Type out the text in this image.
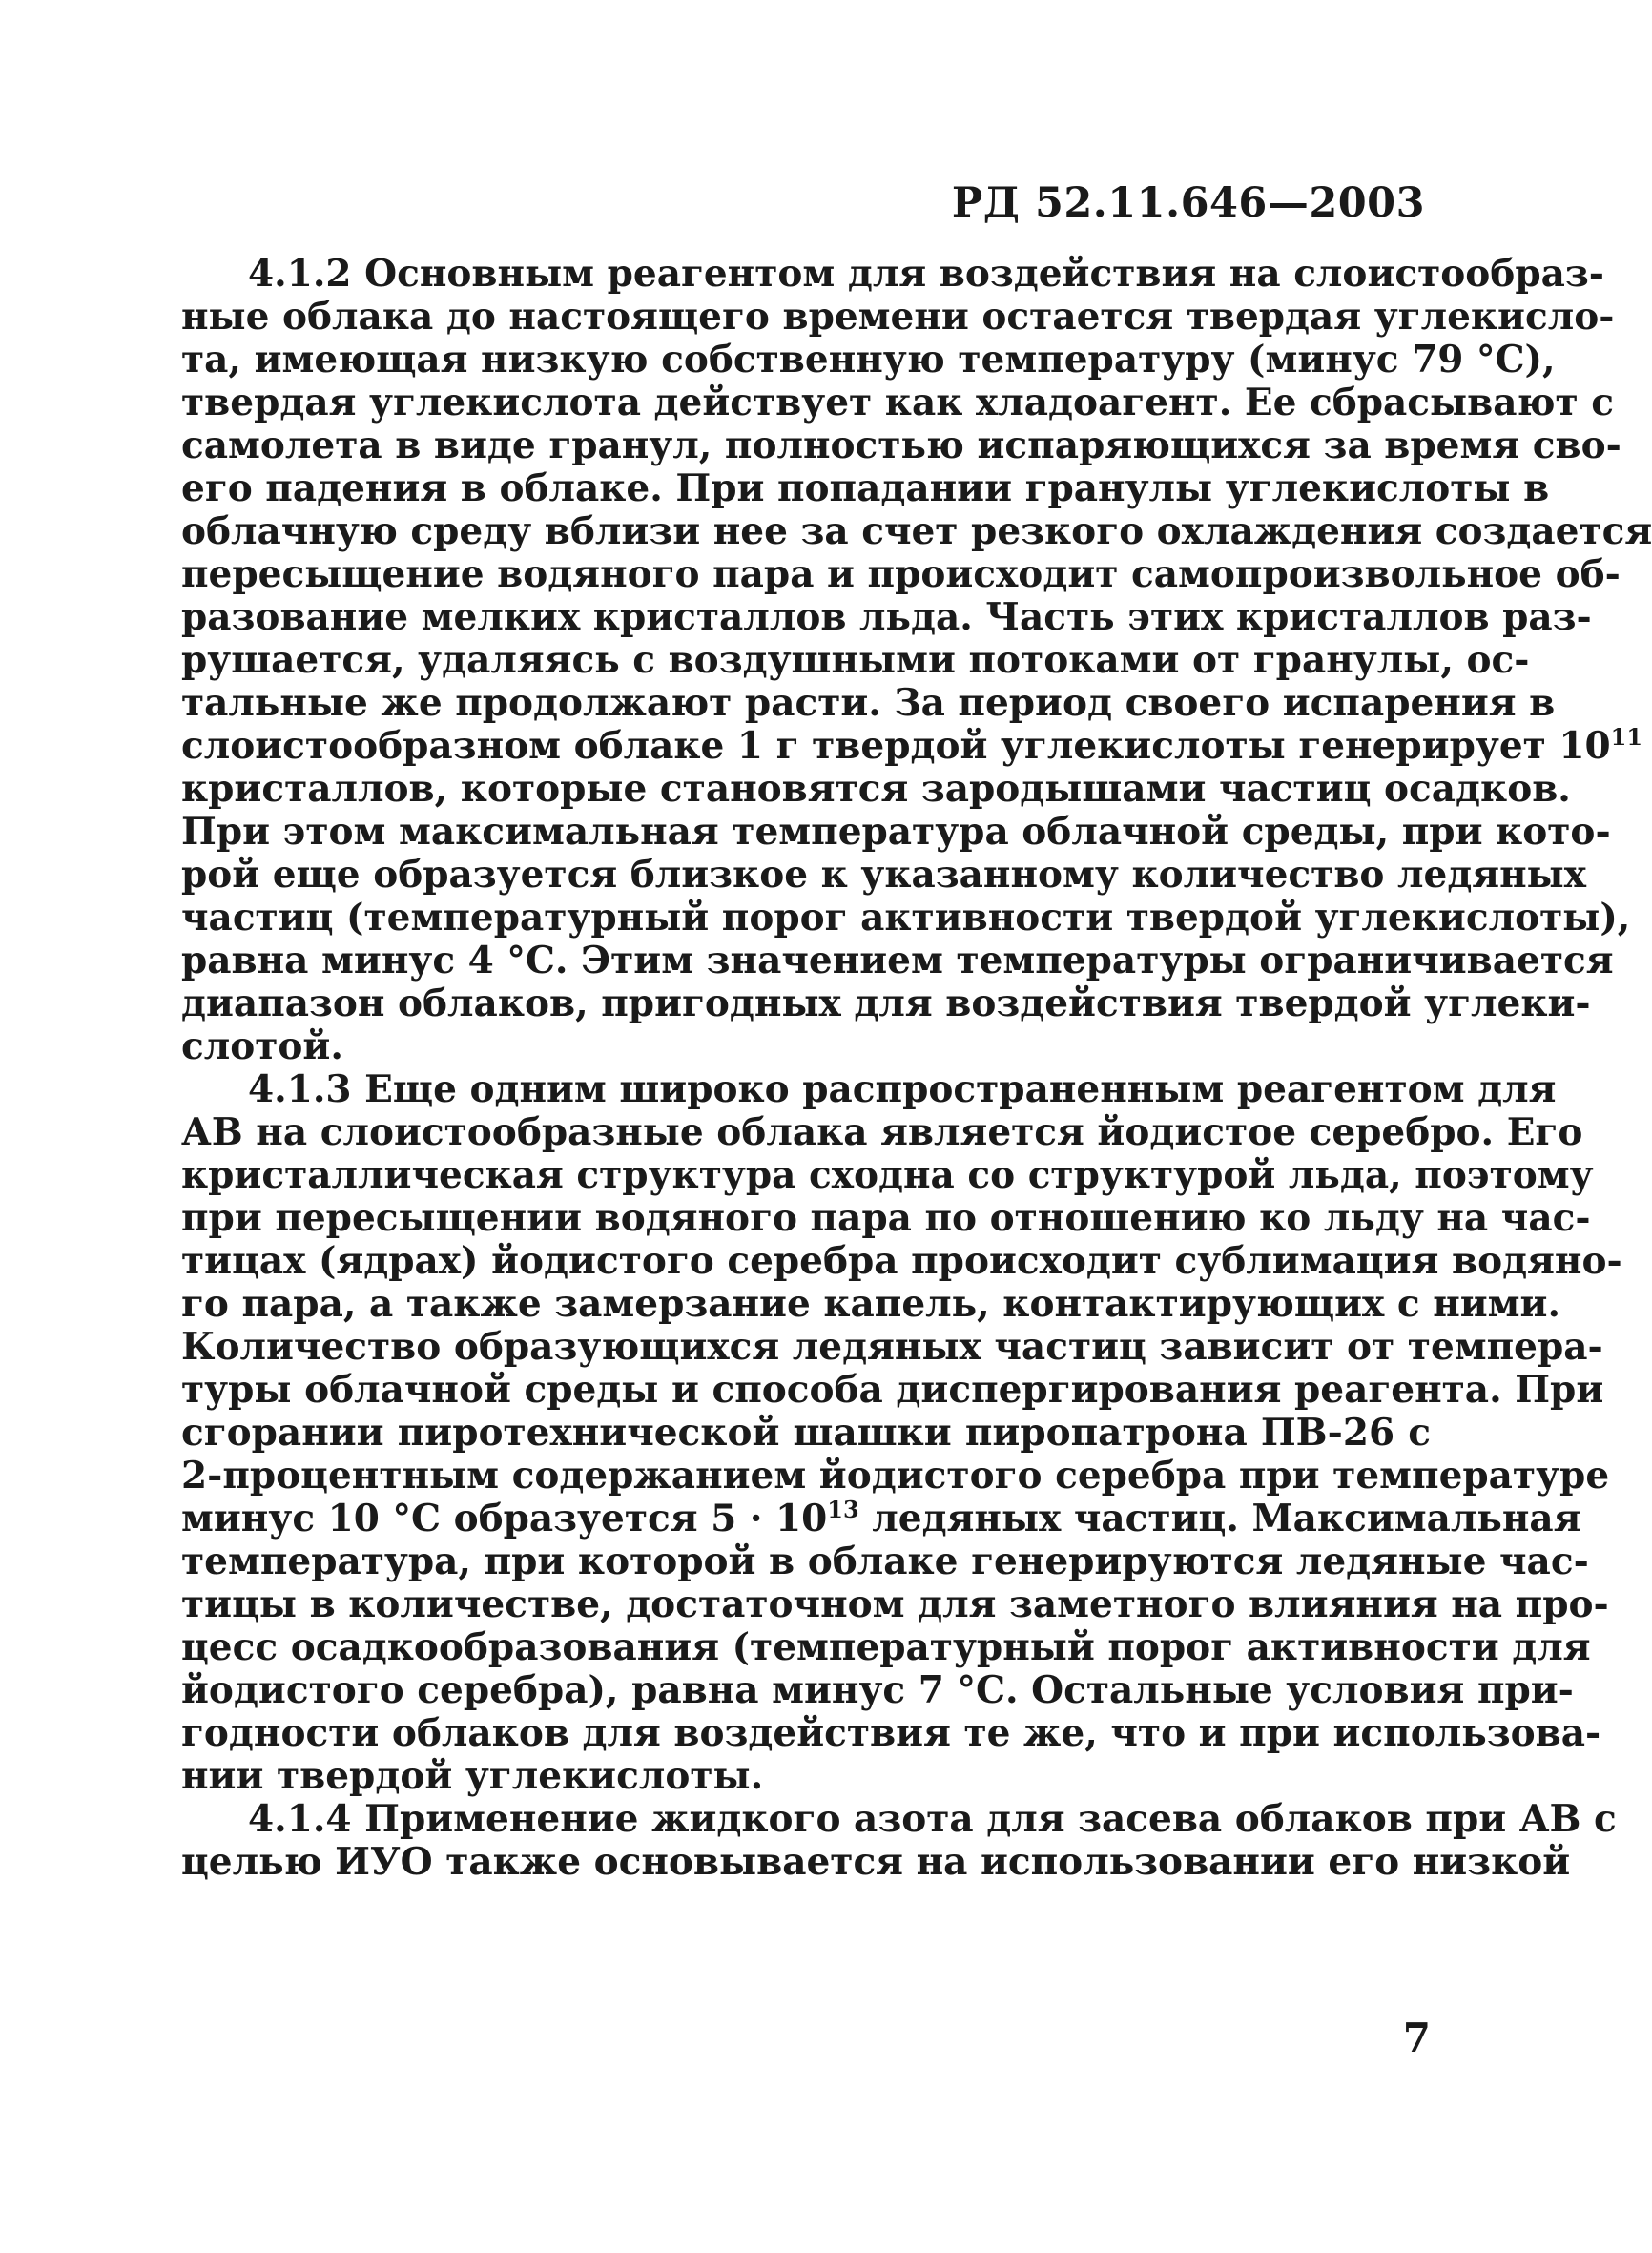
РД 52.11.646—2003
4.1.2 Основным реагентом для воздействия на слоистообраз-
ные облака до настоящего времени остается твердая углекисло-
та, имеющая низкую собственную температуру (минус 79 °С),
твердая углекислота действует как хладоагент. Ее сбрасывают с
самолета в виде гранул, полностью испаряющихся за время сво-
его падения в облаке. При попадании гранулы углекислоты в
облачную среду вблизи нее за счет резкого охлаждения создается
пересыщение водяного пара и происходит самопроизвольное об-
разование мелких кристаллов льда. Часть этих кристаллов раз-
рушается, удаляясь с воздушными потоками от гранулы, ос-
тальные же продолжают расти. За период своего испарения в
слоистообразном облаке 1 г твердой углекислоты генерирует $10^{11}$
кристаллов, которые становятся зародышами частиц осадков.
При этом максимальная температура облачной среды, при кото-
рой еще образуется близкое к указанному количество ледяных
частиц (температурный порог активности твердой углекислоты),
равна минус 4 °С. Этим значением температуры ограничивается
диапазон облаков, пригодных для воздействия твердой углеки-
слотой.
4.1.3 Еще одним широко распространенным реагентом для
АВ на слоистообразные облака является йодистое серебро. Его
кристаллическая структура сходна со структурой льда, поэтому
при пересыщении водяного пара по отношению ко льду на час-
тицах (ядрах) йодистого серебра происходит сублимация водяно-
го пара, а также замерзание капель, контактирующих с ними.
Количество образующихся ледяных частиц зависит от темпера-
туры облачной среды и способа диспергирования реагента. При
сгорании пиротехнической шашки пиропатрона ПВ-26 с
2-процентным содержанием йодистого серебра при температуре
минус 10 °С образуется $5 \cdot 10^{13}$ ледяных частиц. Максимальная
температура, при которой в облаке генерируются ледяные час-
тицы в количестве, достаточном для заметного влияния на про-
цесс осадкообразования (температурный порог активности для
йодистого серебра), равна минус 7 °С. Остальные условия при-
годности облаков для воздействия те же, что и при использова-
нии твердой углекислоты.
4.1.4 Применение жидкого азота для засева облаков при АВ с
целью ИУО также основывается на использовании его низкой
7
